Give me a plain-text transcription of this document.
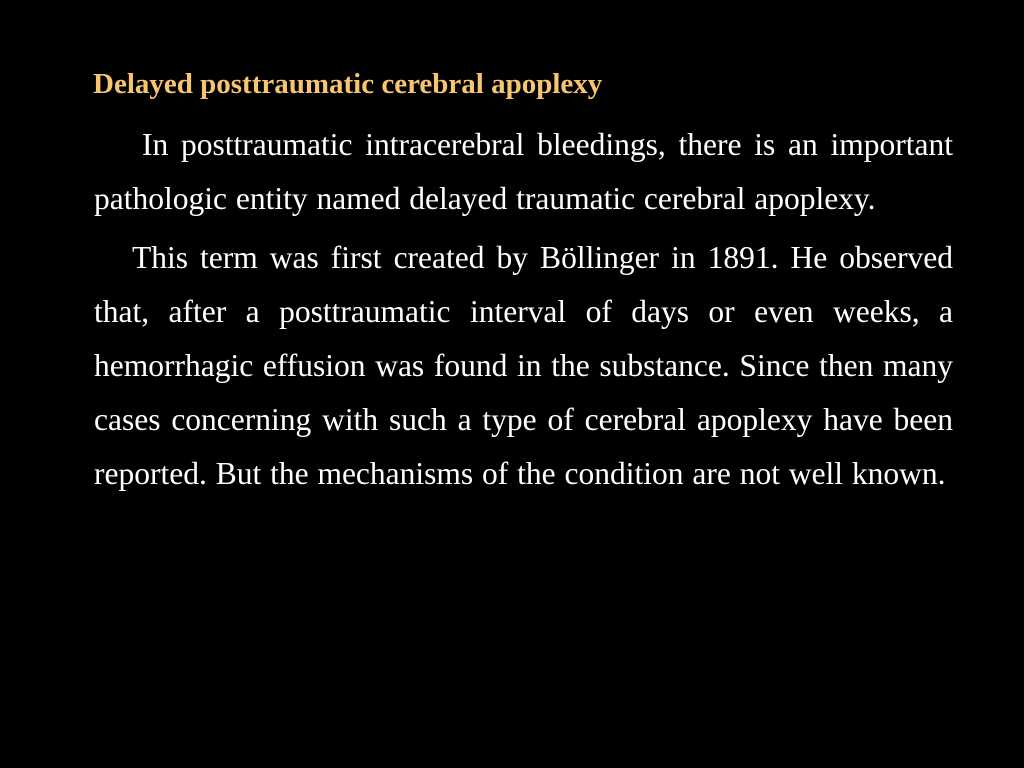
Delayed posttraumatic cerebral apoplexy

In posttraumatic intracerebral bleedings, there is an important pathologic entity named delayed traumatic cerebral apoplexy.

This term was first created by Böllinger in 1891. He observed that, after a posttraumatic interval of days or even weeks, a hemorrhagic effusion was found in the substance. Since then many cases concerning with such a type of cerebral apoplexy have been reported. But the mechanisms of the condition are not well known.
